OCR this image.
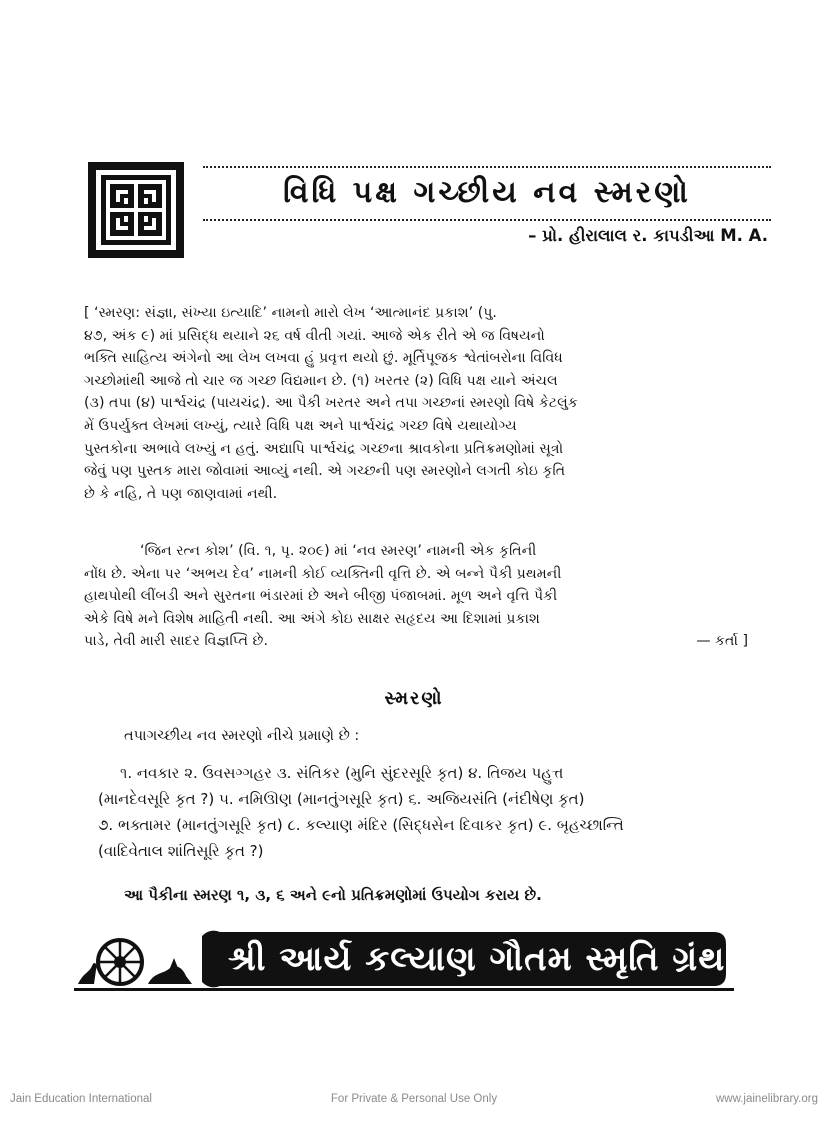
વિધિ પક્ષ ગચ્છીય નવ સ્મરણો
– પ્રો. હીરાલાલ ર. કાપડીઆ M. A.

[ ‘સ્મરણ: સંજ્ઞા, સંખ્યા ઇત્યાદિ’ નામનો મારો લેખ ‘આત્માનંદ પ્રકાશ’ (પુ.

૪૭, અંક ૯) માં પ્રસિદ્ધ થયાને ૨૬ વર્ષ વીતી ગયાં. આજે એક રીતે એ જ વિષયનો

ભક્તિ સાહિત્ય અંગેનો આ લેખ લખવા હું પ્રવૃત્ત થયો છું. મૂર્તિપૂજક શ્વેતાંબરોના વિવિધ

ગચ્છોમાંથી આજે તો ચાર જ ગચ્છ વિદ્યમાન છે. (૧) ખરતર (૨) વિધિ પક્ષ યાને અંચલ

(૩) તપા (૪) પાર્શ્વચંદ્ર (પાયચંદ્ર). આ પૈકી ખરતર અને તપા ગચ્છનાં સ્મરણો વિષે કેટલુંક

મેં ઉપર્યુક્ત લેખમાં લખ્યું, ત્યારે વિધિ પક્ષ અને પાર્શ્વચંદ્ર ગચ્છ વિષે યથાયોગ્ય

પુસ્તકોના અભાવે લખ્યું ન હતું. અદ્યાપિ પાર્શ્વચંદ્ર ગચ્છના શ્રાવકોના પ્રતિક્રમણોમાં સૂત્રો

જેવું પણ પુસ્તક મારા જોવામાં આવ્યું નથી. એ ગચ્છની પણ સ્મરણોને લગતી કોઇ કૃતિ

છે કે નહિ, તે પણ જાણવામાં નથી.

‘જિન રત્ન કોશ’ (વિ. ૧, પૃ. ૨૦૯) માં ‘નવ સ્મરણ’ નામની એક કૃતિની

નોંધ છે. એના પર ‘અભય દેવ’ નામની કોઈ વ્યક્તિની વૃત્તિ છે. એ બન્ને પૈકી પ્રથમની

હાથપોથી લીંબડી અને સુરતના ભંડારમાં છે અને બીજી પંજાબમાં. મૂળ અને વૃત્તિ પૈકી

એકે વિષે મને વિશેષ માહિતી નથી. આ અંગે કોઇ સાક્ષર સહૃદય આ દિશામાં પ્રકાશ

પાડે, તેવી મારી સાદર વિજ્ઞપ્તિ છે.	— કર્તા ]
સ્મરણો
તપાગચ્છીય નવ સ્મરણો નીચે પ્રમાણે છે :

૧. નવકાર ૨. ઉવસગ્ગહર ૩. સંતિકર (મુનિ સુંદરસૂરિ કૃત) ૪. તિજય પહુત્ત

(માનદેવસૂરિ કૃત ?) ૫. નમિઊણ (માનતુંગસૂરિ કૃત) ૬. અજિયસંતિ (નંદીષેણ કૃત)

૭. ભક્તામર (માનતુંગસૂરિ કૃત) ૮. કલ્યાણ મંદિર (સિદ્ધસેન દિવાકર કૃત) ૯. બૃહચ્છાન્તિ

(વાદિવેતાલ શાંતિસૂરિ કૃત ?)

આ પૈકીના સ્મરણ ૧, ૩, ૬ અને ૯નો પ્રતિક્રમણોમાં ઉપયોગ કરાય છે.
શ્રી આર્ય કલ્યાણ ગૌતમ સ્મૃતિ ગ્રંથ
Jain Education International	For Private & Personal Use Only	www.jainelibrary.org
